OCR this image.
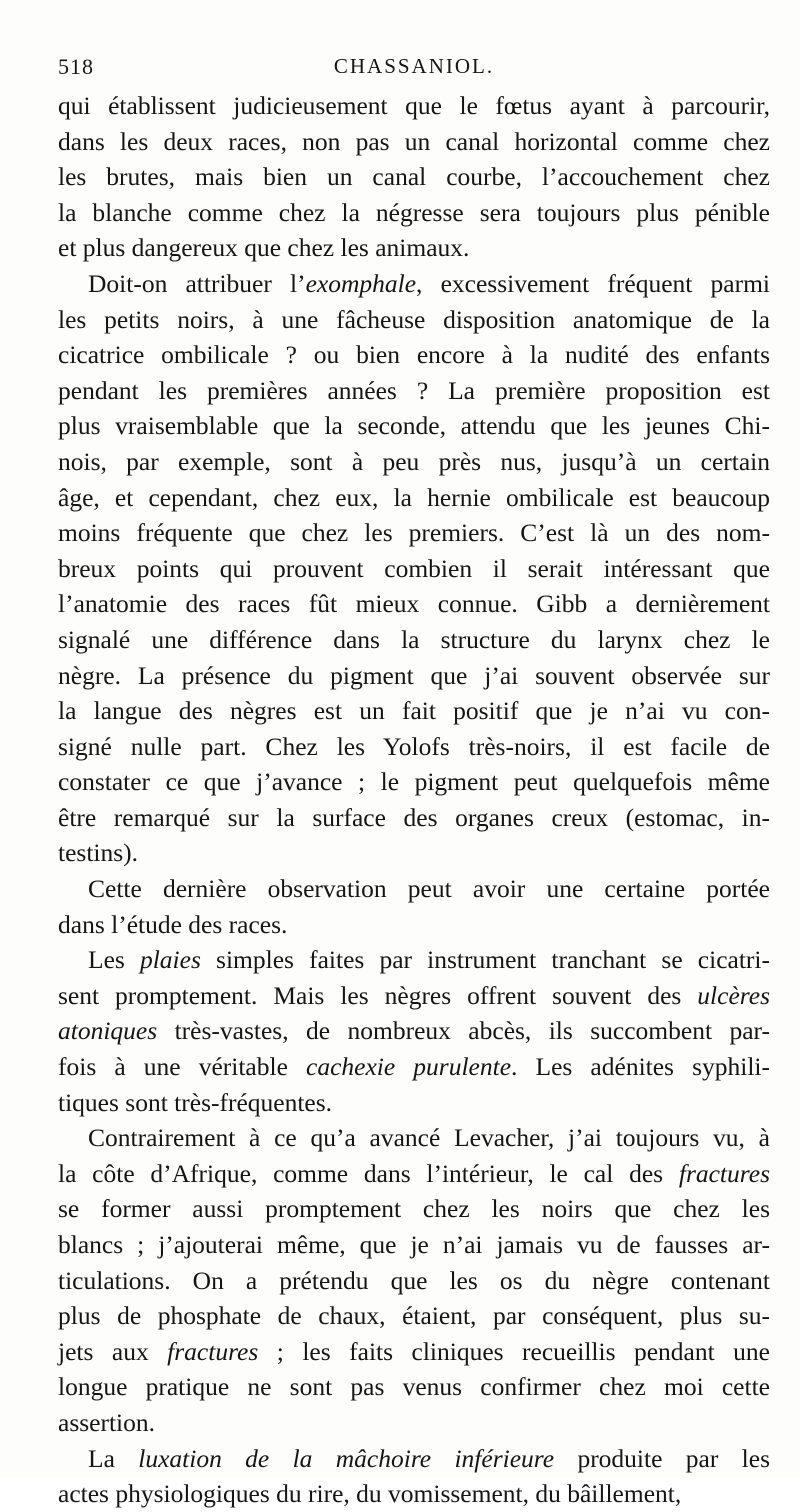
518	CHASSANIOL.
qui établissent judicieusement que le fœtus ayant à parcourir,
dans les deux races, non pas un canal horizontal comme chez
les brutes, mais bien un canal courbe, l’accouchement chez
la blanche comme chez la négresse sera toujours plus pénible
et plus dangereux que chez les animaux.
Doit-on attribuer l’exomphale, excessivement fréquent parmi
les petits noirs, à une fâcheuse disposition anatomique de la
cicatrice ombilicale ? ou bien encore à la nudité des enfants
pendant les premières années ? La première proposition est
plus vraisemblable que la seconde, attendu que les jeunes Chi-
nois, par exemple, sont à peu près nus, jusqu’à un certain
âge, et cependant, chez eux, la hernie ombilicale est beaucoup
moins fréquente que chez les premiers. C’est là un des nom-
breux points qui prouvent combien il serait intéressant que
l’anatomie des races fût mieux connue. Gibb a dernièrement
signalé une différence dans la structure du larynx chez le
nègre. La présence du pigment que j’ai souvent observée sur
la langue des nègres est un fait positif que je n’ai vu con-
signé nulle part. Chez les Yolofs très-noirs, il est facile de
constater ce que j’avance ; le pigment peut quelquefois même
être remarqué sur la surface des organes creux (estomac, in-
testins).
Cette dernière observation peut avoir une certaine portée
dans l’étude des races.
Les plaies simples faites par instrument tranchant se cicatri-
sent promptement. Mais les nègres offrent souvent des ulcères
atoniques très-vastes, de nombreux abcès, ils succombent par-
fois à une véritable cachexie purulente. Les adénites syphili-
tiques sont très-fréquentes.
Contrairement à ce qu’a avancé Levacher, j’ai toujours vu, à
la côte d’Afrique, comme dans l’intérieur, le cal des fractures
se former aussi promptement chez les noirs que chez les
blancs ; j’ajouterai même, que je n’ai jamais vu de fausses ar-
ticulations. On a prétendu que les os du nègre contenant
plus de phosphate de chaux, étaient, par conséquent, plus su-
jets aux fractures ; les faits cliniques recueillis pendant une
longue pratique ne sont pas venus confirmer chez moi cette
assertion.
La luxation de la mâchoire inférieure produite par les
actes physiologiques du rire, du vomissement, du bâillement,
